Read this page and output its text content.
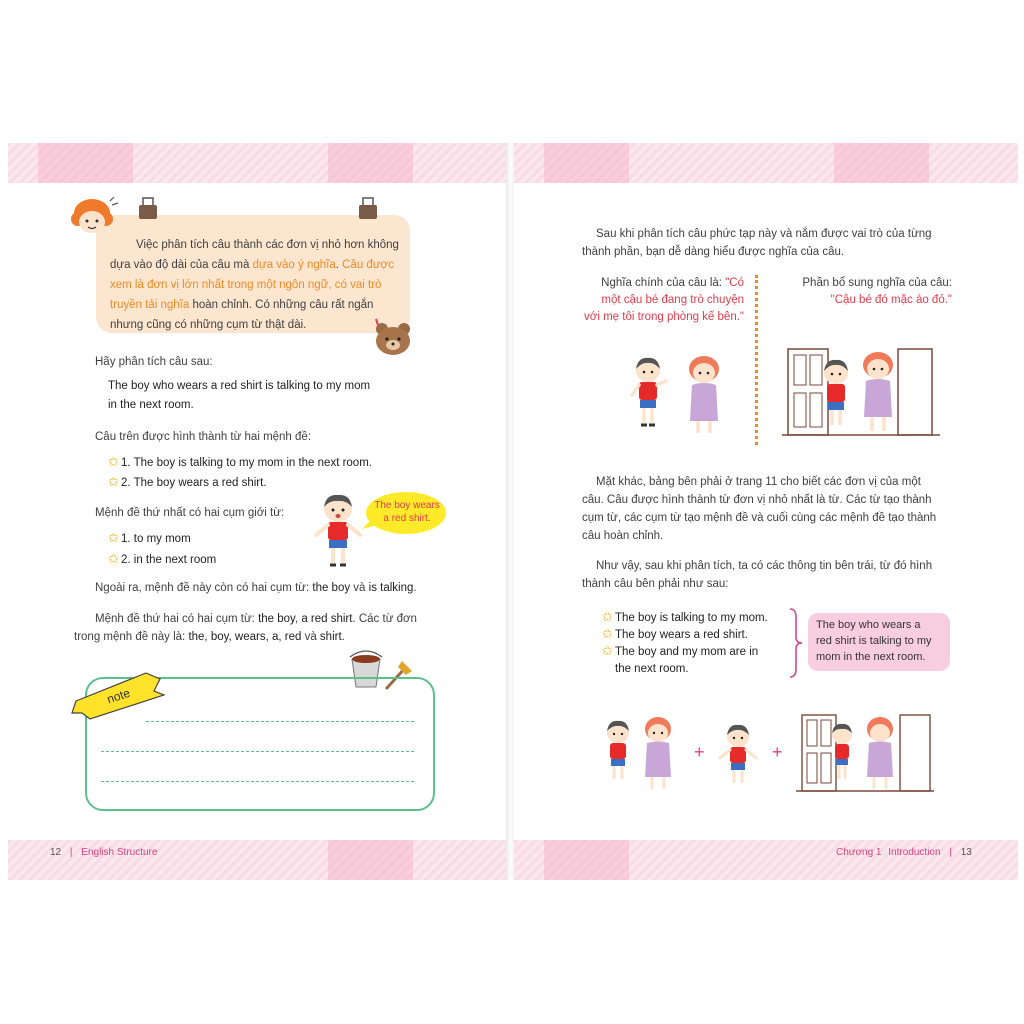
Việc phân tích câu thành các đơn vị nhỏ hơn không dựa vào độ dài của câu mà dựa vào ý nghĩa. Câu được xem là đơn vị lớn nhất trong một ngôn ngữ, có vai trò truyền tải nghĩa hoàn chỉnh. Có những câu rất ngắn nhưng cũng có những cụm từ thật dài.
Hãy phân tích câu sau:
The boy who wears a red shirt is talking to my mom
in the next room.
Câu trên được hình thành từ hai mệnh đề:
✩ 1. The boy is talking to my mom in the next room.
✩ 2. The boy wears a red shirt.
Mệnh đề thứ nhất có hai cụm giới từ:
✩ 1. to my mom
✩ 2. in the next room
The boy wears
a red shirt.
Ngoài ra, mệnh đề này còn có hai cụm từ: the boy và is talking.
Mệnh đề thứ hai có hai cụm từ: the boy, a red shirt. Các từ đơn
trong mệnh đề này là: the, boy, wears, a, red và shirt.
note
12 | English Structure
Sau khi phân tích câu phức tạp này và nắm được vai trò của từng
thành phần, bạn dễ dàng hiểu được nghĩa của câu.
Nghĩa chính của câu là: "Có
một cậu bé đang trò chuyện
với mẹ tôi trong phòng kế bên."
Phần bổ sung nghĩa của câu:
"Cậu bé đó mặc áo đỏ."
Mặt khác, bảng bên phải ở trang 11 cho biết các đơn vị của một
câu. Câu được hình thành từ đơn vị nhỏ nhất là từ. Các từ tạo thành
cụm từ, các cụm từ tạo mệnh đề và cuối cùng các mệnh đề tạo thành
câu hoàn chỉnh.
Như vậy, sau khi phân tích, ta có các thông tin bên trái, từ đó hình
thành câu bên phải như sau:
✩ The boy is talking to my mom.
✩ The boy wears a red shirt.
✩ The boy and my mom are in
the next room.
The boy who wears a
red shirt is talking to my
mom in the next room.
+	+
Chương 1 Introduction | 13
